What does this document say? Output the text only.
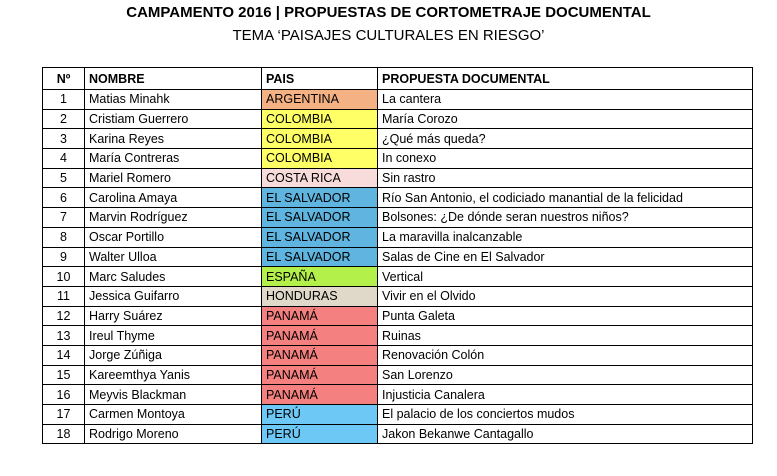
CAMPAMENTO 2016 | PROPUESTAS DE CORTOMETRAJE DOCUMENTAL
TEMA ‘PAISAJES CULTURALES EN RIESGO’
Nº	NOMBRE	PAIS	PROPUESTA DOCUMENTAL
1	Matias Minahk	ARGENTINA	La cantera
2	Cristiam Guerrero	COLOMBIA	María Corozo
3	Karina Reyes	COLOMBIA	¿Qué más queda?
4	María Contreras	COLOMBIA	In conexo
5	Mariel Romero	COSTA RICA	Sin rastro
6	Carolina Amaya	EL SALVADOR	Río San Antonio, el codiciado manantial de la felicidad
7	Marvin Rodríguez	EL SALVADOR	Bolsones: ¿De dónde seran nuestros niños?
8	Oscar Portillo	EL SALVADOR	La maravilla inalcanzable
9	Walter Ulloa	EL SALVADOR	Salas de Cine en El Salvador
10	Marc Saludes	ESPAÑA	Vertical
11	Jessica Guifarro	HONDURAS	Vivir en el Olvido
12	Harry Suárez	PANAMÁ	Punta Galeta
13	Ireul Thyme	PANAMÁ	Ruinas
14	Jorge Zúñiga	PANAMÁ	Renovación Colón
15	Kareemthya Yanis	PANAMÁ	San Lorenzo
16	Meyvis Blackman	PANAMÁ	Injusticia Canalera
17	Carmen Montoya	PERÚ	El palacio de los conciertos mudos
18	Rodrigo Moreno	PERÚ	Jakon Bekanwe Cantagallo
